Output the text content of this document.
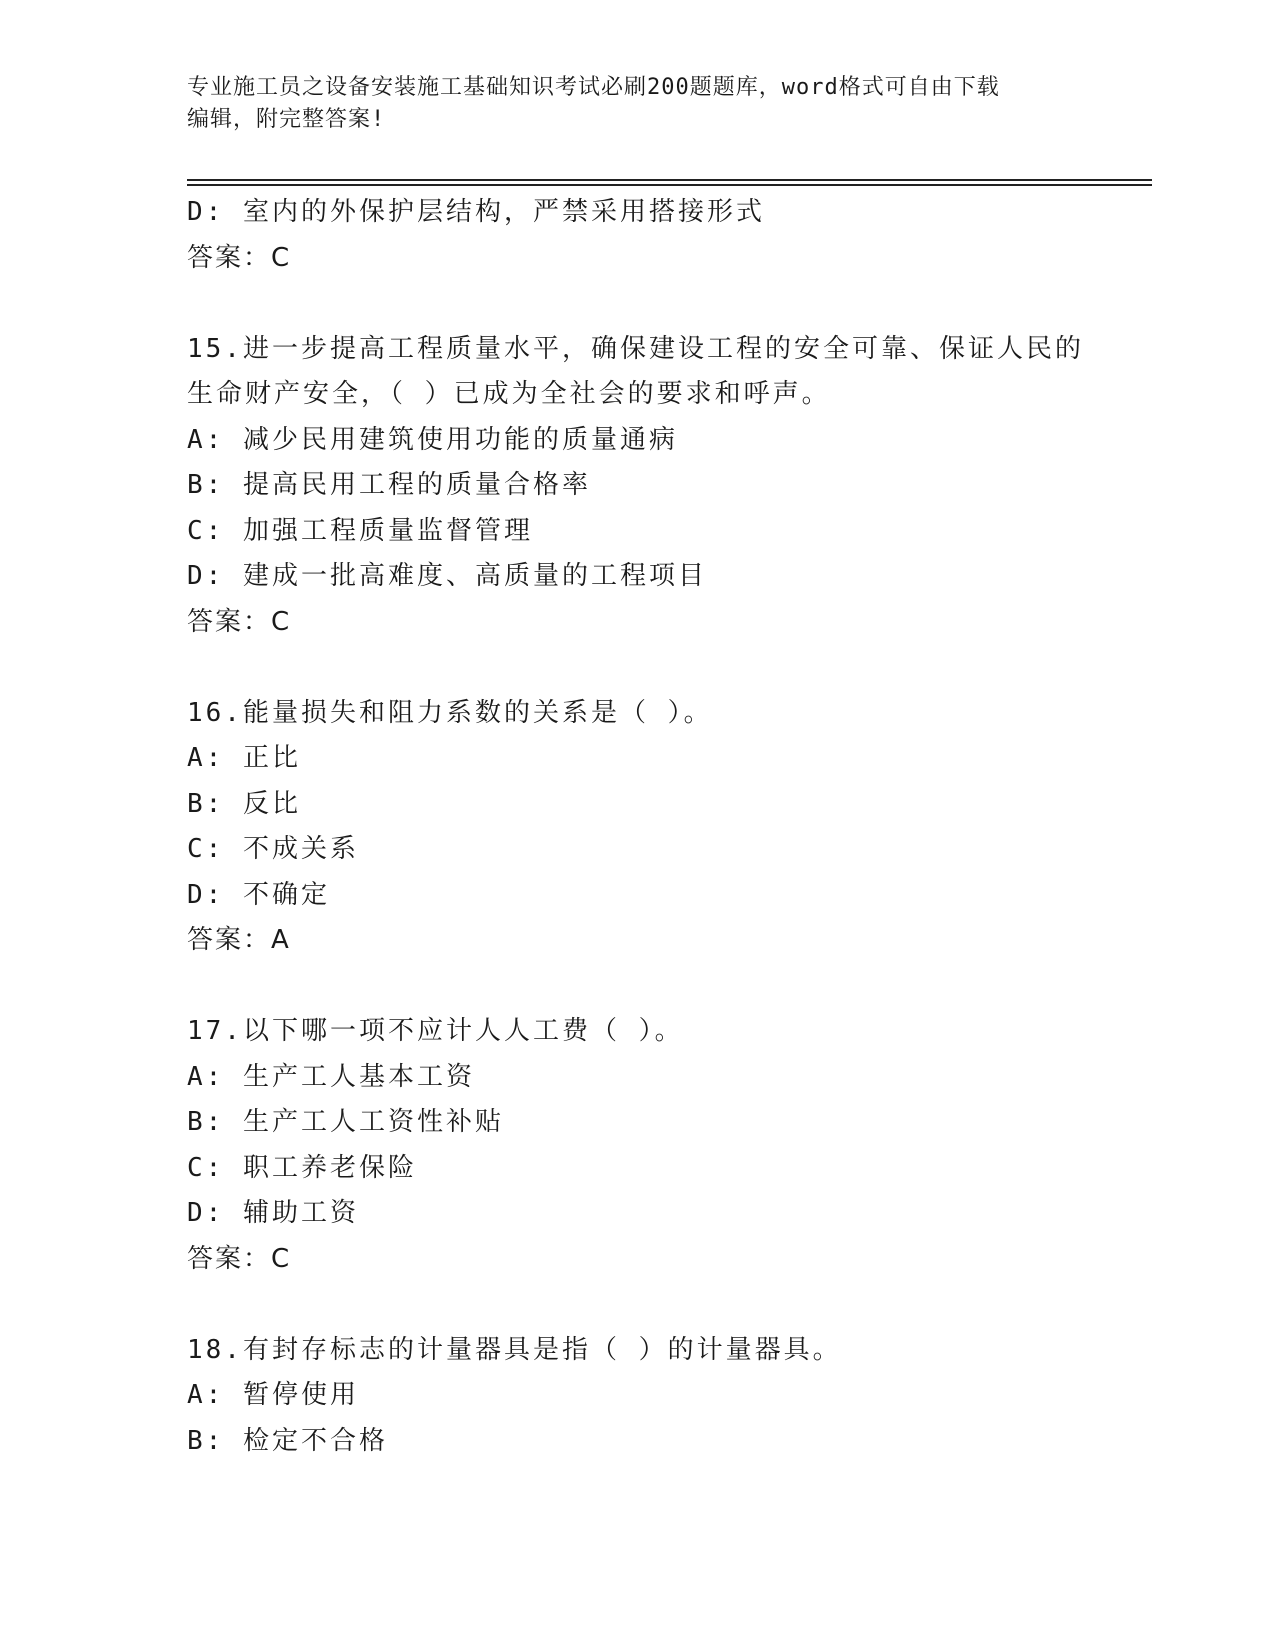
专业施工员之设备安装施工基础知识考试必刷200题题库，word格式可自由下载
编辑，附完整答案!
D: 室内的外保护层结构，严禁采用搭接形式
答案：C
15.进一步提高工程质量水平，确保建设工程的安全可靠、保证人民的
生命财产安全，（ ）已成为全社会的要求和呼声。
A: 减少民用建筑使用功能的质量通病
B: 提高民用工程的质量合格率
C: 加强工程质量监督管理
D: 建成一批高难度、高质量的工程项目
答案：C
16.能量损失和阻力系数的关系是（ ）。
A: 正比
B: 反比
C: 不成关系
D: 不确定
答案：A
17.以下哪一项不应计人人工费（ ）。
A: 生产工人基本工资
B: 生产工人工资性补贴
C: 职工养老保险
D: 辅助工资
答案：C
18.有封存标志的计量器具是指（ ）的计量器具。
A: 暂停使用
B: 检定不合格
